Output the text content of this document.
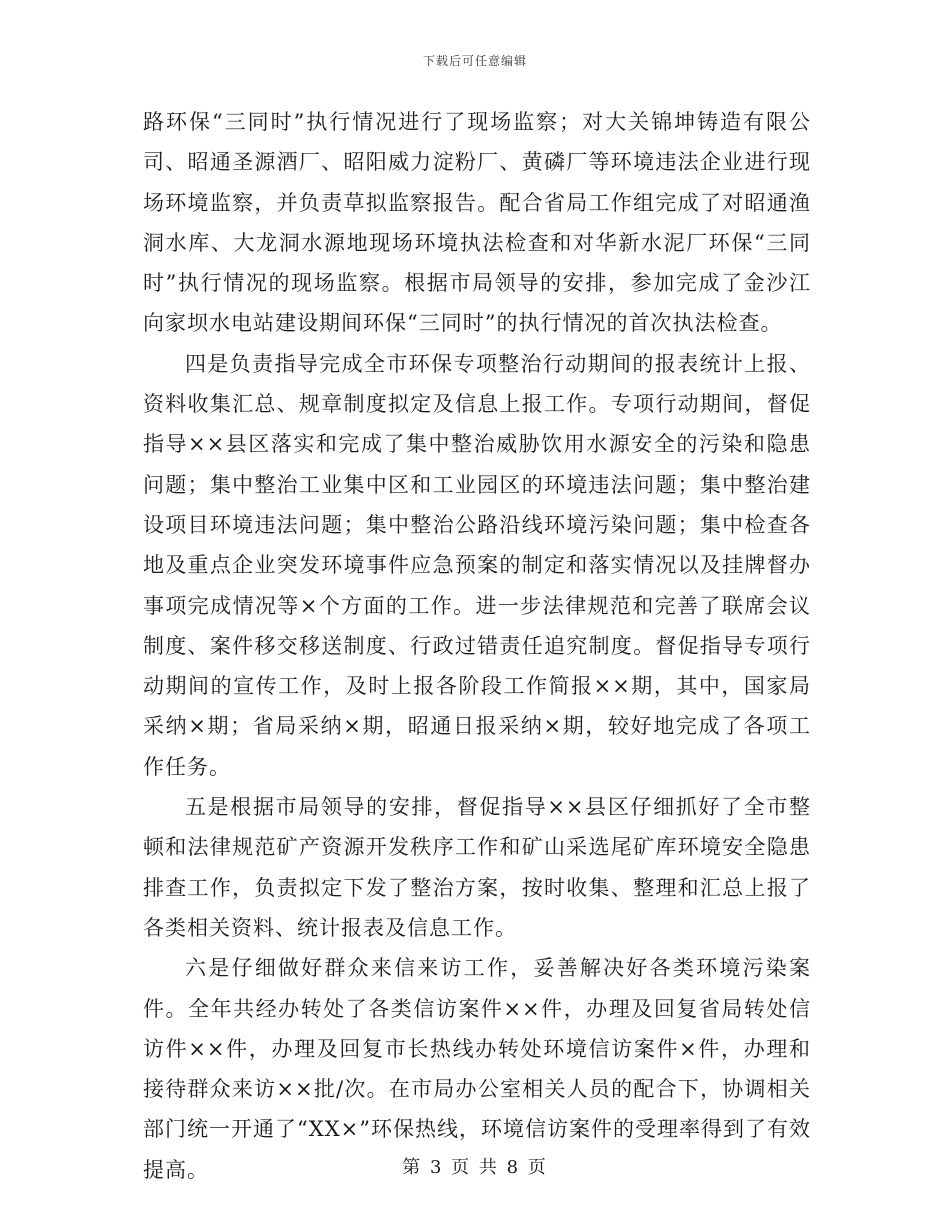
下载后可任意编辑

路环保“三同时”执行情况进行了现场监察；对大关锦坤铸造有限公司、昭通圣源酒厂、昭阳威力淀粉厂、黄磷厂等环境违法企业进行现场环境监察，并负责草拟监察报告。配合省局工作组完成了对昭通渔洞水库、大龙洞水源地现场环境执法检查和对华新水泥厂环保“三同时”执行情况的现场监察。根据市局领导的安排，参加完成了金沙江向家坝水电站建设期间环保“三同时”的执行情况的首次执法检查。

四是负责指导完成全市环保专项整治行动期间的报表统计上报、资料收集汇总、规章制度拟定及信息上报工作。专项行动期间，督促指导××县区落实和完成了集中整治威胁饮用水源安全的污染和隐患问题；集中整治工业集中区和工业园区的环境违法问题；集中整治建设项目环境违法问题；集中整治公路沿线环境污染问题；集中检查各地及重点企业突发环境事件应急预案的制定和落实情况以及挂牌督办事项完成情况等×个方面的工作。进一步法律规范和完善了联席会议制度、案件移交移送制度、行政过错责任追究制度。督促指导专项行动期间的宣传工作，及时上报各阶段工作简报××期，其中，国家局采纳×期；省局采纳×期，昭通日报采纳×期，较好地完成了各项工作任务。

五是根据市局领导的安排，督促指导××县区仔细抓好了全市整顿和法律规范矿产资源开发秩序工作和矿山采选尾矿库环境安全隐患排查工作，负责拟定下发了整治方案，按时收集、整理和汇总上报了各类相关资料、统计报表及信息工作。

六是仔细做好群众来信来访工作，妥善解决好各类环境污染案件。全年共经办转处了各类信访案件××件，办理及回复省局转处信访件××件，办理及回复市长热线办转处环境信访案件×件，办理和接待群众来访××批/次。在市局办公室相关人员的配合下，协调相关部门统一开通了“XX×”环保热线，环境信访案件的受理率得到了有效提高。	第 3 页 共 8 页
